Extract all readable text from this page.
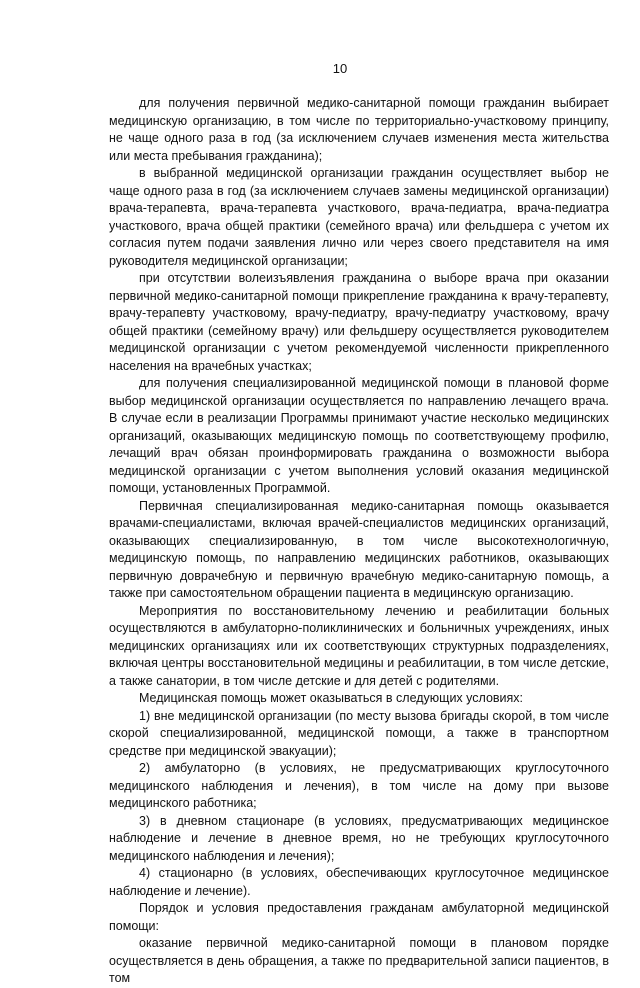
10

для получения первичной медико-санитарной помощи гражданин выбирает медицинскую организацию, в том числе по территориально-участковому принципу, не чаще одного раза в год (за исключением случаев изменения места жительства или места пребывания гражданина);

в выбранной медицинской организации гражданин осуществляет выбор не чаще одного раза в год (за исключением случаев замены медицинской организации) врача-терапевта, врача-терапевта участкового, врача-педиатра, врача-педиатра участкового, врача общей практики (семейного врача) или фельдшера с учетом их согласия путем подачи заявления лично или через своего представителя на имя руководителя медицинской организации;

при отсутствии волеизъявления гражданина о выборе врача при оказании первичной медико-санитарной помощи прикрепление гражданина к врачу-терапевту, врачу-терапевту участковому, врачу-педиатру, врачу-педиатру участковому, врачу общей практики (семейному врачу) или фельдшеру осуществляется руководителем медицинской организации с учетом рекомендуемой численности прикрепленного населения на врачебных участках;

для получения специализированной медицинской помощи в плановой форме выбор медицинской организации осуществляется по направлению лечащего врача. В случае если в реализации Программы принимают участие несколько медицинских организаций, оказывающих медицинскую помощь по соответствующему профилю, лечащий врач обязан проинформировать гражданина о возможности выбора медицинской организации с учетом выполнения условий оказания медицинской помощи, установленных Программой.

Первичная специализированная медико-санитарная помощь оказывается врачами-специалистами, включая врачей-специалистов медицинских организаций, оказывающих специализированную, в том числе высокотехнологичную, медицинскую помощь, по направлению медицинских работников, оказывающих первичную доврачебную и первичную врачебную медико-санитарную помощь, а также при самостоятельном обращении пациента в медицинскую организацию.

Мероприятия по восстановительному лечению и реабилитации больных осуществляются в амбулаторно-поликлинических и больничных учреждениях, иных медицинских организациях или их соответствующих структурных подразделениях, включая центры восстановительной медицины и реабилитации, в том числе детские, а также санатории, в том числе детские и для детей с родителями.

Медицинская помощь может оказываться в следующих условиях:

1) вне медицинской организации (по месту вызова бригады скорой, в том числе скорой специализированной, медицинской помощи, а также в транспортном средстве при медицинской эвакуации);

2) амбулаторно (в условиях, не предусматривающих круглосуточного медицинского наблюдения и лечения), в том числе на дому при вызове медицинского работника;

3) в дневном стационаре (в условиях, предусматривающих медицинское наблюдение и лечение в дневное время, но не требующих круглосуточного медицинского наблюдения и лечения);

4) стационарно (в условиях, обеспечивающих круглосуточное медицинское наблюдение и лечение).

Порядок и условия предоставления гражданам амбулаторной медицинской помощи:

оказание первичной медико-санитарной помощи в плановом порядке осуществляется в день обращения, а также по предварительной записи пациентов, в том
